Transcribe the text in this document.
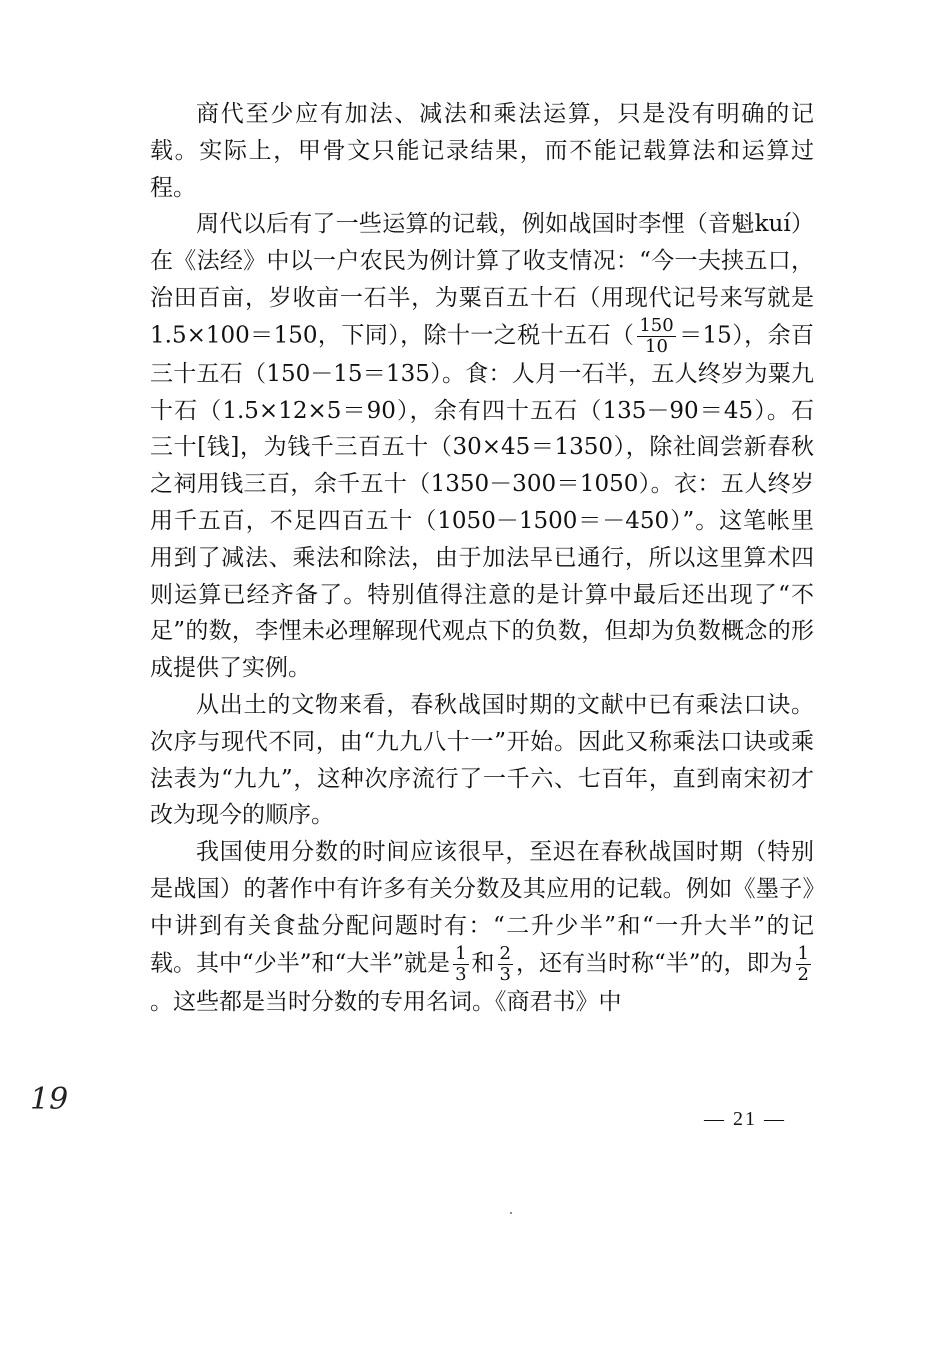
商代至少应有加法、减法和乘法运算，只是没有明确的记载。实际上，甲骨文只能记录结果，而不能记载算法和运算过程。

周代以后有了一些运算的记载，例如战国时李悝（音魁kuí）在《法经》中以一户农民为例计算了收支情况：“今一夫挟五口，治田百亩，岁收亩一石半，为粟百五十石（用现代记号来写就是 1.5×100＝150，下同），除十一之税十五石（ $\frac{150}{10} =15$），余百三十五石（150－15＝135）。食：人月一石半，五人终岁为粟九十石（1.5×12×5＝90），余有四十五石（135－90＝45）。石三十[钱]，为钱千三百五十（30×45＝1350），除社闾尝新春秋之祠用钱三百，余千五十（1350－300＝1050）。衣：五人终岁用千五百，不足四百五十（1050－1500＝－450）”。这笔帐里用到了减法、乘法和除法，由于加法早已通行，所以这里算术四则运算已经齐备了。特别值得注意的是计算中最后还出现了“不足”的数，李悝未必理解现代观点下的负数，但却为负数概念的形成提供了实例。

从出土的文物来看，春秋战国时期的文献中已有乘法口诀。次序与现代不同，由“九九八十一”开始。因此又称乘法口诀或乘法表为“九九”，这种次序流行了一千六、七百年，直到南宋初才改为现今的顺序。

我国使用分数的时间应该很早，至迟在春秋战国时期（特别是战国）的著作中有许多有关分数及其应用的记载。例如《墨子》中讲到有关食盐分配问题时有：“二升少半”和“一升大半”的记载。其中“少半”和“大半”就是 $\frac{1}{3}$ 和 $\frac{2}{3}$ ，还有当时称“半”的，即为 $\frac{1}{2}$
。这些都是当时分数的专用名词。《商君书》中

19
— 21 —
